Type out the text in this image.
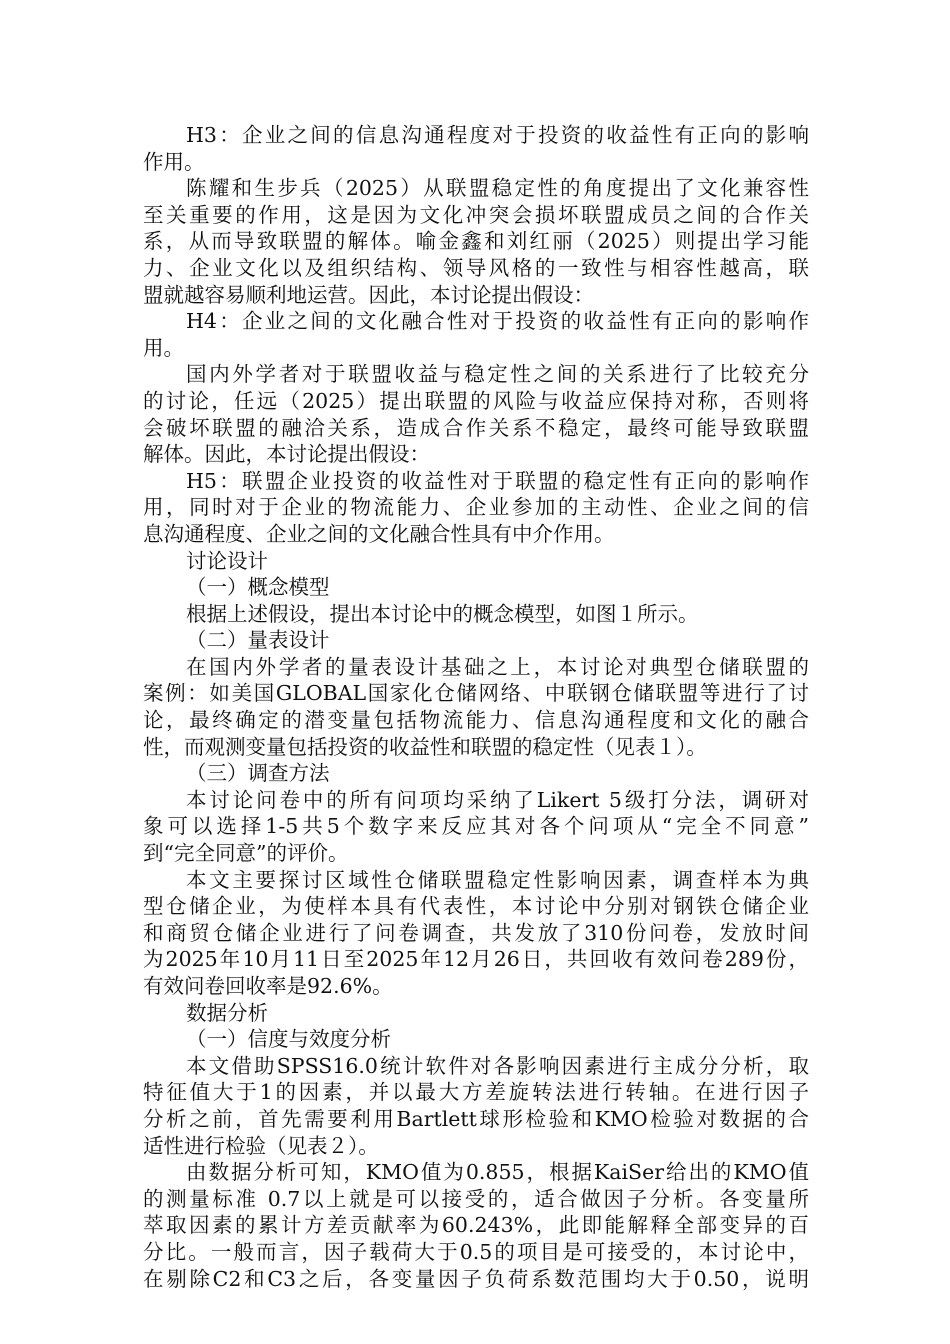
H3：企业之间的信息沟通程度对于投资的收益性有正向的影响
作用。
陈耀和生步兵（2025）从联盟稳定性的角度提出了文化兼容性
至关重要的作用，这是因为文化冲突会损坏联盟成员之间的合作关
系，从而导致联盟的解体。喻金鑫和刘红丽（2025）则提出学习能
力、企业文化以及组织结构、领导风格的一致性与相容性越高，联
盟就越容易顺利地运营。因此，本讨论提出假设：
H4：企业之间的文化融合性对于投资的收益性有正向的影响作
用。
国内外学者对于联盟收益与稳定性之间的关系进行了比较充分
的讨论，任远（2025）提出联盟的风险与收益应保持对称，否则将
会破坏联盟的融洽关系，造成合作关系不稳定，最终可能导致联盟
解体。因此，本讨论提出假设：
H5：联盟企业投资的收益性对于联盟的稳定性有正向的影响作
用，同时对于企业的物流能力、企业参加的主动性、企业之间的信
息沟通程度、企业之间的文化融合性具有中介作用。
讨论设计
（一）概念模型
根据上述假设，提出本讨论中的概念模型，如图１所示。
（二）量表设计
在国内外学者的量表设计基础之上，本讨论对典型仓储联盟的
案例：如美国GLOBAL国家化仓储网络、中联钢仓储联盟等进行了讨
论，最终确定的潜变量包括物流能力、信息沟通程度和文化的融合
性，而观测变量包括投资的收益性和联盟的稳定性（见表１）。
（三）调查方法
本讨论问卷中的所有问项均采纳了Likert 5级打分法，调研对
象可以选择1-5共5个数字来反应其对各个问项从“完全不同意”
到“完全同意”的评价。
本文主要探讨区域性仓储联盟稳定性影响因素，调查样本为典
型仓储企业，为使样本具有代表性，本讨论中分别对钢铁仓储企业
和商贸仓储企业进行了问卷调查，共发放了310份问卷，发放时间
为2025年10月11日至2025年12月26日，共回收有效问卷289份，
有效问卷回收率是92.6%。
数据分析
（一）信度与效度分析
本文借助SPSS16.0统计软件对各影响因素进行主成分分析，取
特征值大于1的因素，并以最大方差旋转法进行转轴。在进行因子
分析之前，首先需要利用Bartlett球形检验和KMO检验对数据的合
适性进行检验（见表２）。
由数据分析可知，KMO值为0.855，根据KaiSer给出的KMO值
的测量标准 0.7以上就是可以接受的，适合做因子分析。各变量所
萃取因素的累计方差贡献率为60.243%，此即能解释全部变异的百
分比。一般而言，因子载荷大于0.5的项目是可接受的，本讨论中，
在剔除C2和C3之后，各变量因子负荷系数范围均大于0.50，说明
